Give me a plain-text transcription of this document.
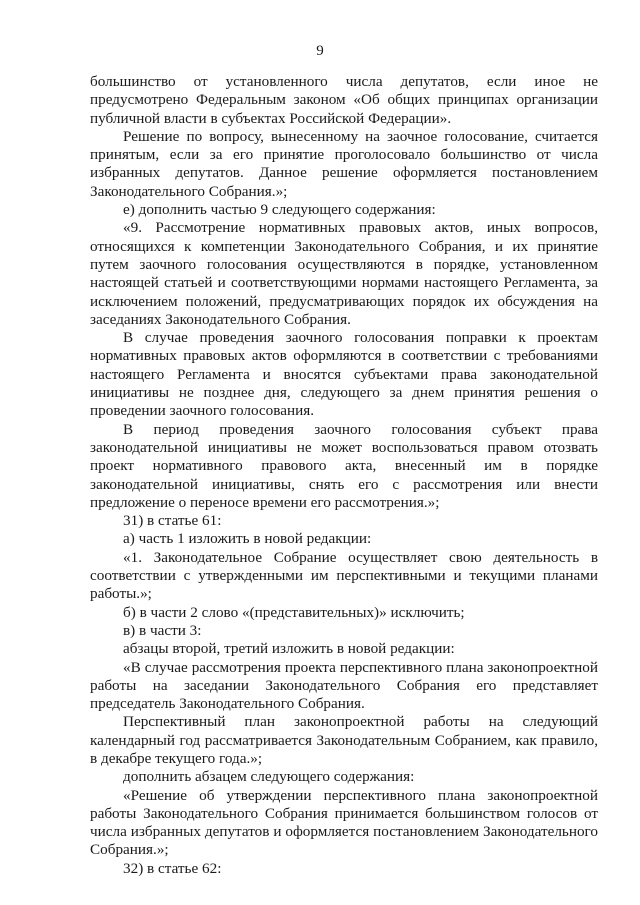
9

большинство от установленного числа депутатов, если иное не предусмотрено Федеральным законом «Об общих принципах организации публичной власти в субъектах Российской Федерации».

Решение по вопросу, вынесенному на заочное голосование, считается принятым, если за его принятие проголосовало большинство от числа избранных депутатов. Данное решение оформляется постановлением Законодательного Собрания.»;

е) дополнить частью 9 следующего содержания:

«9. Рассмотрение нормативных правовых актов, иных вопросов, относящихся к компетенции Законодательного Собрания, и их принятие путем заочного голосования осуществляются в порядке, установленном настоящей статьей и соответствующими нормами настоящего Регламента, за исключением положений, предусматривающих порядок их обсуждения на заседаниях Законодательного Собрания.

В случае проведения заочного голосования поправки к проектам нормативных правовых актов оформляются в соответствии с требованиями настоящего Регламента и вносятся субъектами права законодательной инициативы не позднее дня, следующего за днем принятия решения о проведении заочного голосования.

В период проведения заочного голосования субъект права законодательной инициативы не может воспользоваться правом отозвать проект нормативного правового акта, внесенный им в порядке законодательной инициативы, снять его с рассмотрения или внести предложение о переносе времени его рассмотрения.»;

31) в статье 61:

а) часть 1 изложить в новой редакции:

«1. Законодательное Собрание осуществляет свою деятельность в соответствии с утвержденными им перспективными и текущими планами работы.»;

б) в части 2 слово «(представительных)» исключить;

в) в части 3:

абзацы второй, третий изложить в новой редакции:

«В случае рассмотрения проекта перспективного плана законопроектной работы на заседании Законодательного Собрания его представляет председатель Законодательного Собрания.

Перспективный план законопроектной работы на следующий календарный год рассматривается Законодательным Собранием, как правило, в декабре текущего года.»;

дополнить абзацем следующего содержания:

«Решение об утверждении перспективного плана законопроектной работы Законодательного Собрания принимается большинством голосов от числа избранных депутатов и оформляется постановлением Законодательного Собрания.»;

32) в статье 62:
